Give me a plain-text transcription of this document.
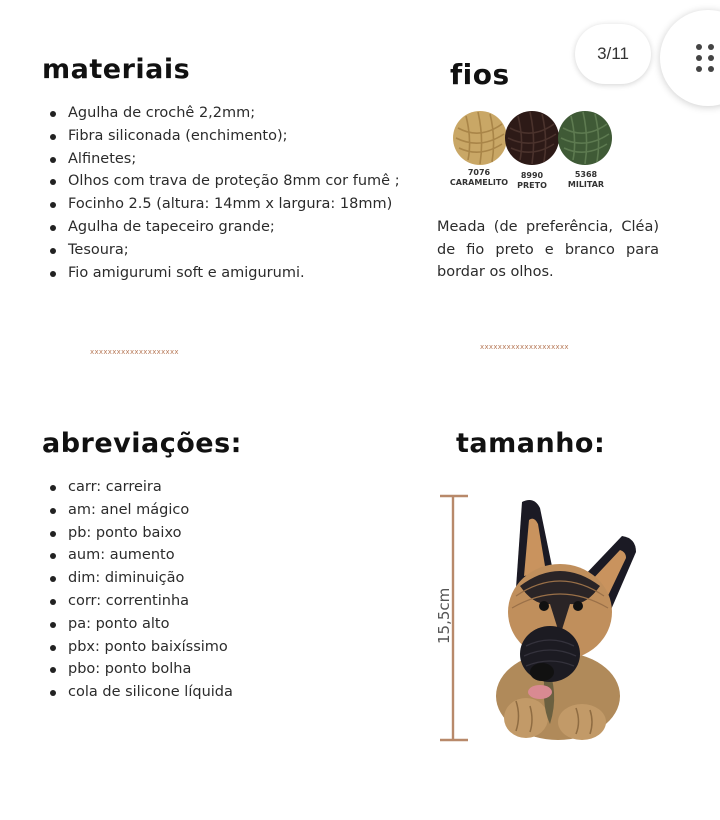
3/11
materiais
Agulha de crochê 2,2mm;
Fibra siliconada (enchimento);
Alfinetes;
Olhos com trava de proteção 8mm cor fumê ;
Focinho 2.5 (altura: 14mm x largura: 18mm)
Agulha de tapeceiro grande;
Tesoura;
Fio amigurumi soft e amigurumi.
fios
7076
CARAMELITO
8990
PRETO
5368
MILITAR

Meada (de preferência, Cléa) de fio preto e branco para bordar os olhos.

xxxxxxxxxxxxxxxxxxxx
xxxxxxxxxxxxxxxxxxxx
abreviações:
carr: carreira
am: anel mágico
pb: ponto baixo
aum: aumento
dim: diminuição
corr: correntinha
pa: ponto alto
pbx: ponto baixíssimo
pbo: ponto bolha
cola de silicone líquida
tamanho:
15,5cm
